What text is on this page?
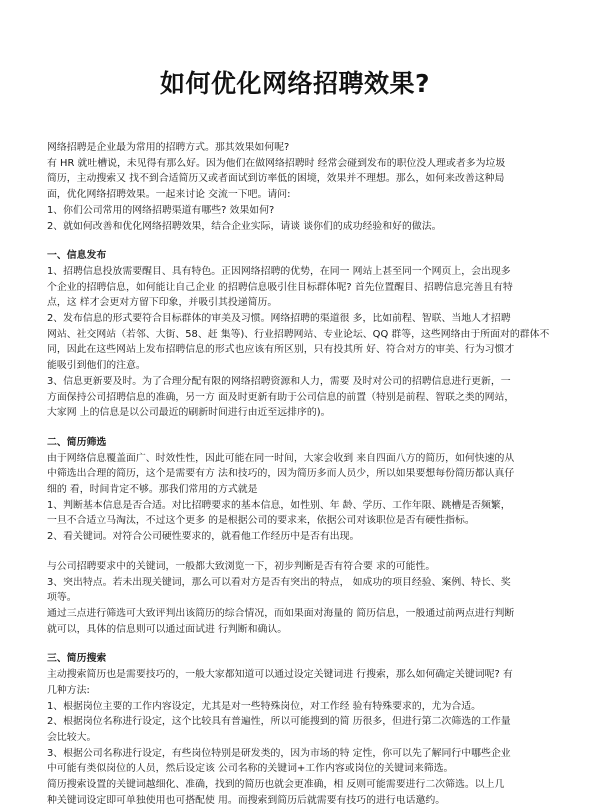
如何优化网络招聘效果?
网络招聘是企业最为常用的招聘方式。那其效果如何呢?
有 HR 就吐槽说，未见得有那么好。因为他们在做网络招聘时 经常会碰到发布的职位没人理或者多为垃圾
简历，主动搜索又 找不到合适简历又或者面试到访率低的困境，效果并不理想。那么，如何来改善这种局
面，优化网络招聘效果。一起来讨论 交流一下吧。请问:
1、你们公司常用的网络招聘渠道有哪些? 效果如何?
2、就如何改善和优化网络招聘效果，结合企业实际，请谈 谈你们的成功经验和好的做法。
一、信息发布
1、招聘信息投放需要醒目、具有特色。正因网络招聘的优势，在同一 网站上甚至同一个网页上，会出现多
个企业的招聘信息，如何能让自己企业 的招聘信息吸引住目标群体呢? 首先位置醒目、招聘信息完善且有特
点，这 样才会更对方留下印象，并吸引其投递简历。
2、发布信息的形式要符合目标群体的审美及习惯。网络招聘的渠道很 多，比如前程、智联、当地人才招聘
网站、社交网站（若邻、大街、58、赶 集等)、行业招聘网站、专业论坛、QQ 群等，这些网络由于所面对的群体不
同，因此在这些网站上发布招聘信息的形式也应该有所区别，只有投其所 好、符合对方的审美、行为习惯才
能吸引到他们的注意。
3、信息更新要及时。为了合理分配有限的网络招聘资源和人力，需要 及时对公司的招聘信息进行更新，一
方面保持公司招聘信息的准确，另一方 面及时更新有助于公司信息的前置（特别是前程、智联之类的网站，
大家网 上的信息是以公司最近的刷新时间进行由近至远排序的)。
二、简历筛选
由于网络信息覆盖面广、时效性性，因此可能在同一时间，大家会收到 来自四面八方的简历，如何快速的从
中筛选出合理的简历，这个是需要有方 法和技巧的，因为简历多而人员少，所以如果要想每份简历都认真仔
细的 看，时间肯定不够。那我们常用的方式就是
1、判断基本信息是否合适。对比招聘要求的基本信息，如性别、年 龄、学历、工作年限、跳槽是否频繁，
一旦不合适立马淘汰，不过这个更多 的是根据公司的要求来，依据公司对该职位是否有硬性指标。
2、看关键词。对符合公司硬性要求的，就看他工作经历中是否有出现。
与公司招聘要求中的关键词，一般都大致浏览一下，初步判断是否有符合要 求的可能性。
3、突出特点。若未出现关键词，那么可以看对方是否有突出的特点， 如成功的项目经验、案例、特长、奖
项等。
通过三点进行筛选可大致评判出该简历的综合情况，而如果面对海量的 简历信息，一般通过前两点进行判断
就可以，具体的信息则可以通过面试进 行判断和确认。
三、简历搜索
主动搜索简历也是需要技巧的，一般大家都知道可以通过设定关键词进 行搜索，那么如何确定关键词呢? 有
几种方法:
1、根据岗位主要的工作内容设定，尤其是对一些特殊岗位，对工作经 验有特殊要求的，尤为合适。
2、根据岗位名称进行设定，这个比较具有普遍性，所以可能搜到的简 历很多，但进行第二次筛选的工作量
会比较大。
3、根据公司名称进行设定，有些岗位特别是研发类的，因为市场的特 定性，你可以先了解同行中哪些企业
中可能有类似岗位的人员，然后设定该 公司名称的关键词+工作内容或岗位的关键词来筛选。
简历搜索设置的关键词越细化、准确，找到的简历也就会更准确，相 反则可能需要进行二次筛选。以上几
种关键词设定即可单独使用也可搭配使 用。而搜索到简历后就需要有技巧的进行电话邀约。
